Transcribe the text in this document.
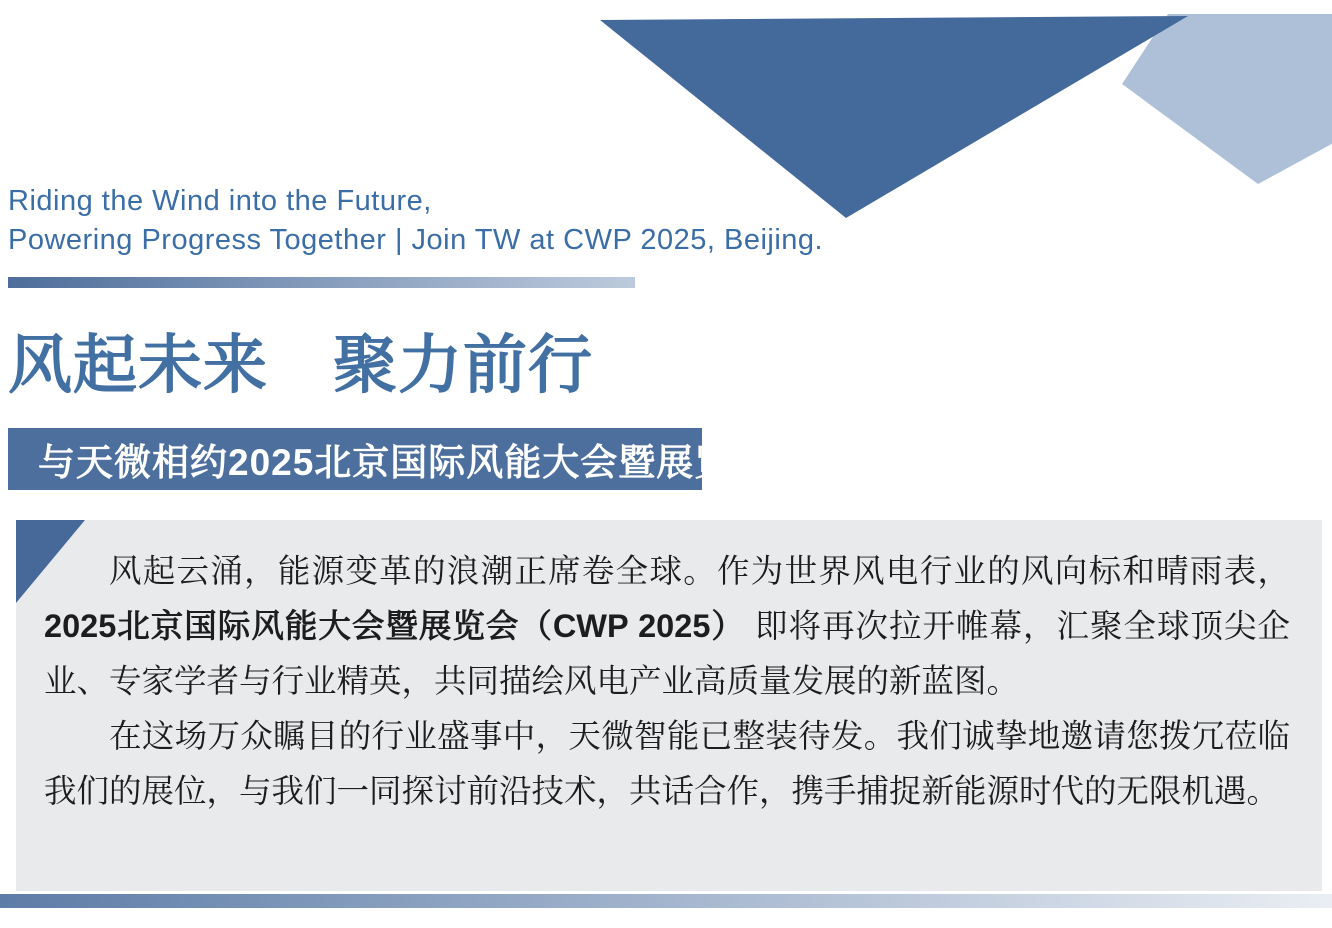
Riding the Wind into the Future,
Powering Progress Together | Join TW at CWP 2025, Beijing.
风起未来　聚力前行
与天微相约2025北京国际风能大会暨展览会

风起云涌，能源变革的浪潮正席卷全球。作为世界风电行业的风向标和晴雨表，2025北京国际风能大会暨展览会（CWP 2025） 即将再次拉开帷幕，汇聚全球顶尖企业、专家学者与行业精英，共同描绘风电产业高质量发展的新蓝图。

在这场万众瞩目的行业盛事中，天微智能已整装待发。我们诚挚地邀请您拨冗莅临我们的展位，与我们一同探讨前沿技术，共话合作，携手捕捉新能源时代的无限机遇。
